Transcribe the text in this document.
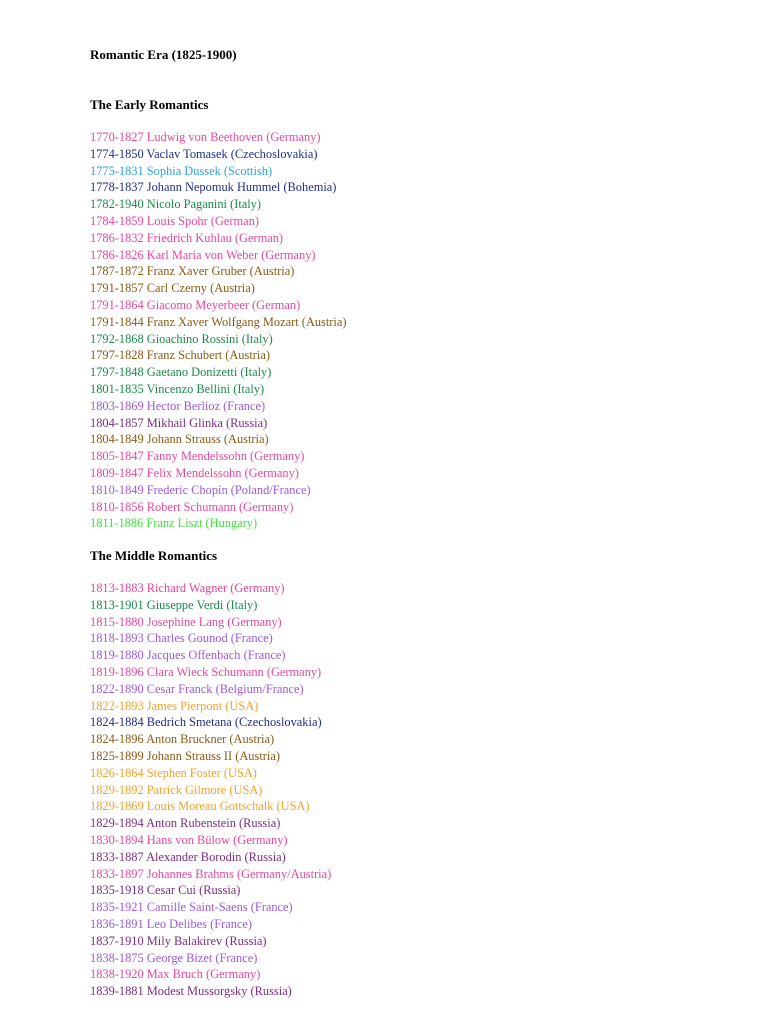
Romantic Era (1825-1900)
The Early Romantics
1770-1827 Ludwig von Beethoven (Germany)
1774-1850 Vaclav Tomasek (Czechoslovakia)
1775-1831 Sophia Dussek (Scottish)
1778-1837 Johann Nepomuk Hummel (Bohemia)
1782-1940 Nicolo Paganini (Italy)
1784-1859 Louis Spohr (German)
1786-1832 Friedrich Kuhlau (German)
1786-1826 Karl Maria von Weber (Germany)
1787-1872 Franz Xaver Gruber (Austria)
1791-1857 Carl Czerny (Austria)
1791-1864 Giacomo Meyerbeer (German)
1791-1844 Franz Xaver Wolfgang Mozart (Austria)
1792-1868 Gioachino Rossini (Italy)
1797-1828 Franz Schubert (Austria)
1797-1848 Gaetano Donizetti (Italy)
1801-1835 Vincenzo Bellini (Italy)
1803-1869 Hector Berlioz (France)
1804-1857 Mikhail Glinka (Russia)
1804-1849 Johann Strauss (Austria)
1805-1847 Fanny Mendelssohn (Germany)
1809-1847 Felix Mendelssohn (Germany)
1810-1849 Frederic Chopin (Poland/France)
1810-1856 Robert Schumann (Germany)
1811-1886 Franz Liszt (Hungary)
The Middle Romantics
1813-1883 Richard Wagner (Germany)
1813-1901 Giuseppe Verdi (Italy)
1815-1880 Josephine Lang (Germany)
1818-1893 Charles Gounod (France)
1819-1880 Jacques Offenbach (France)
1819-1896 Clara Wieck Schumann (Germany)
1822-1890 Cesar Franck (Belgium/France)
1822-1893 James Pierpont (USA)
1824-1884 Bedrich Smetana (Czechoslovakia)
1824-1896 Anton Bruckner (Austria)
1825-1899 Johann Strauss II (Austria)
1826-1864 Stephen Foster (USA)
1829-1892 Patrick Gilmore (USA)
1829-1869 Louis Moreau Gottschalk (USA)
1829-1894 Anton Rubenstein (Russia)
1830-1894 Hans von Bülow (Germany)
1833-1887 Alexander Borodin (Russia)
1833-1897 Johannes Brahms (Germany/Austria)
1835-1918 Cesar Cui (Russia)
1835-1921 Camille Saint-Saens (France)
1836-1891 Leo Delibes (France)
1837-1910 Mily Balakirev (Russia)
1838-1875 George Bizet (France)
1838-1920 Max Bruch (Germany)
1839-1881 Modest Mussorgsky (Russia)
